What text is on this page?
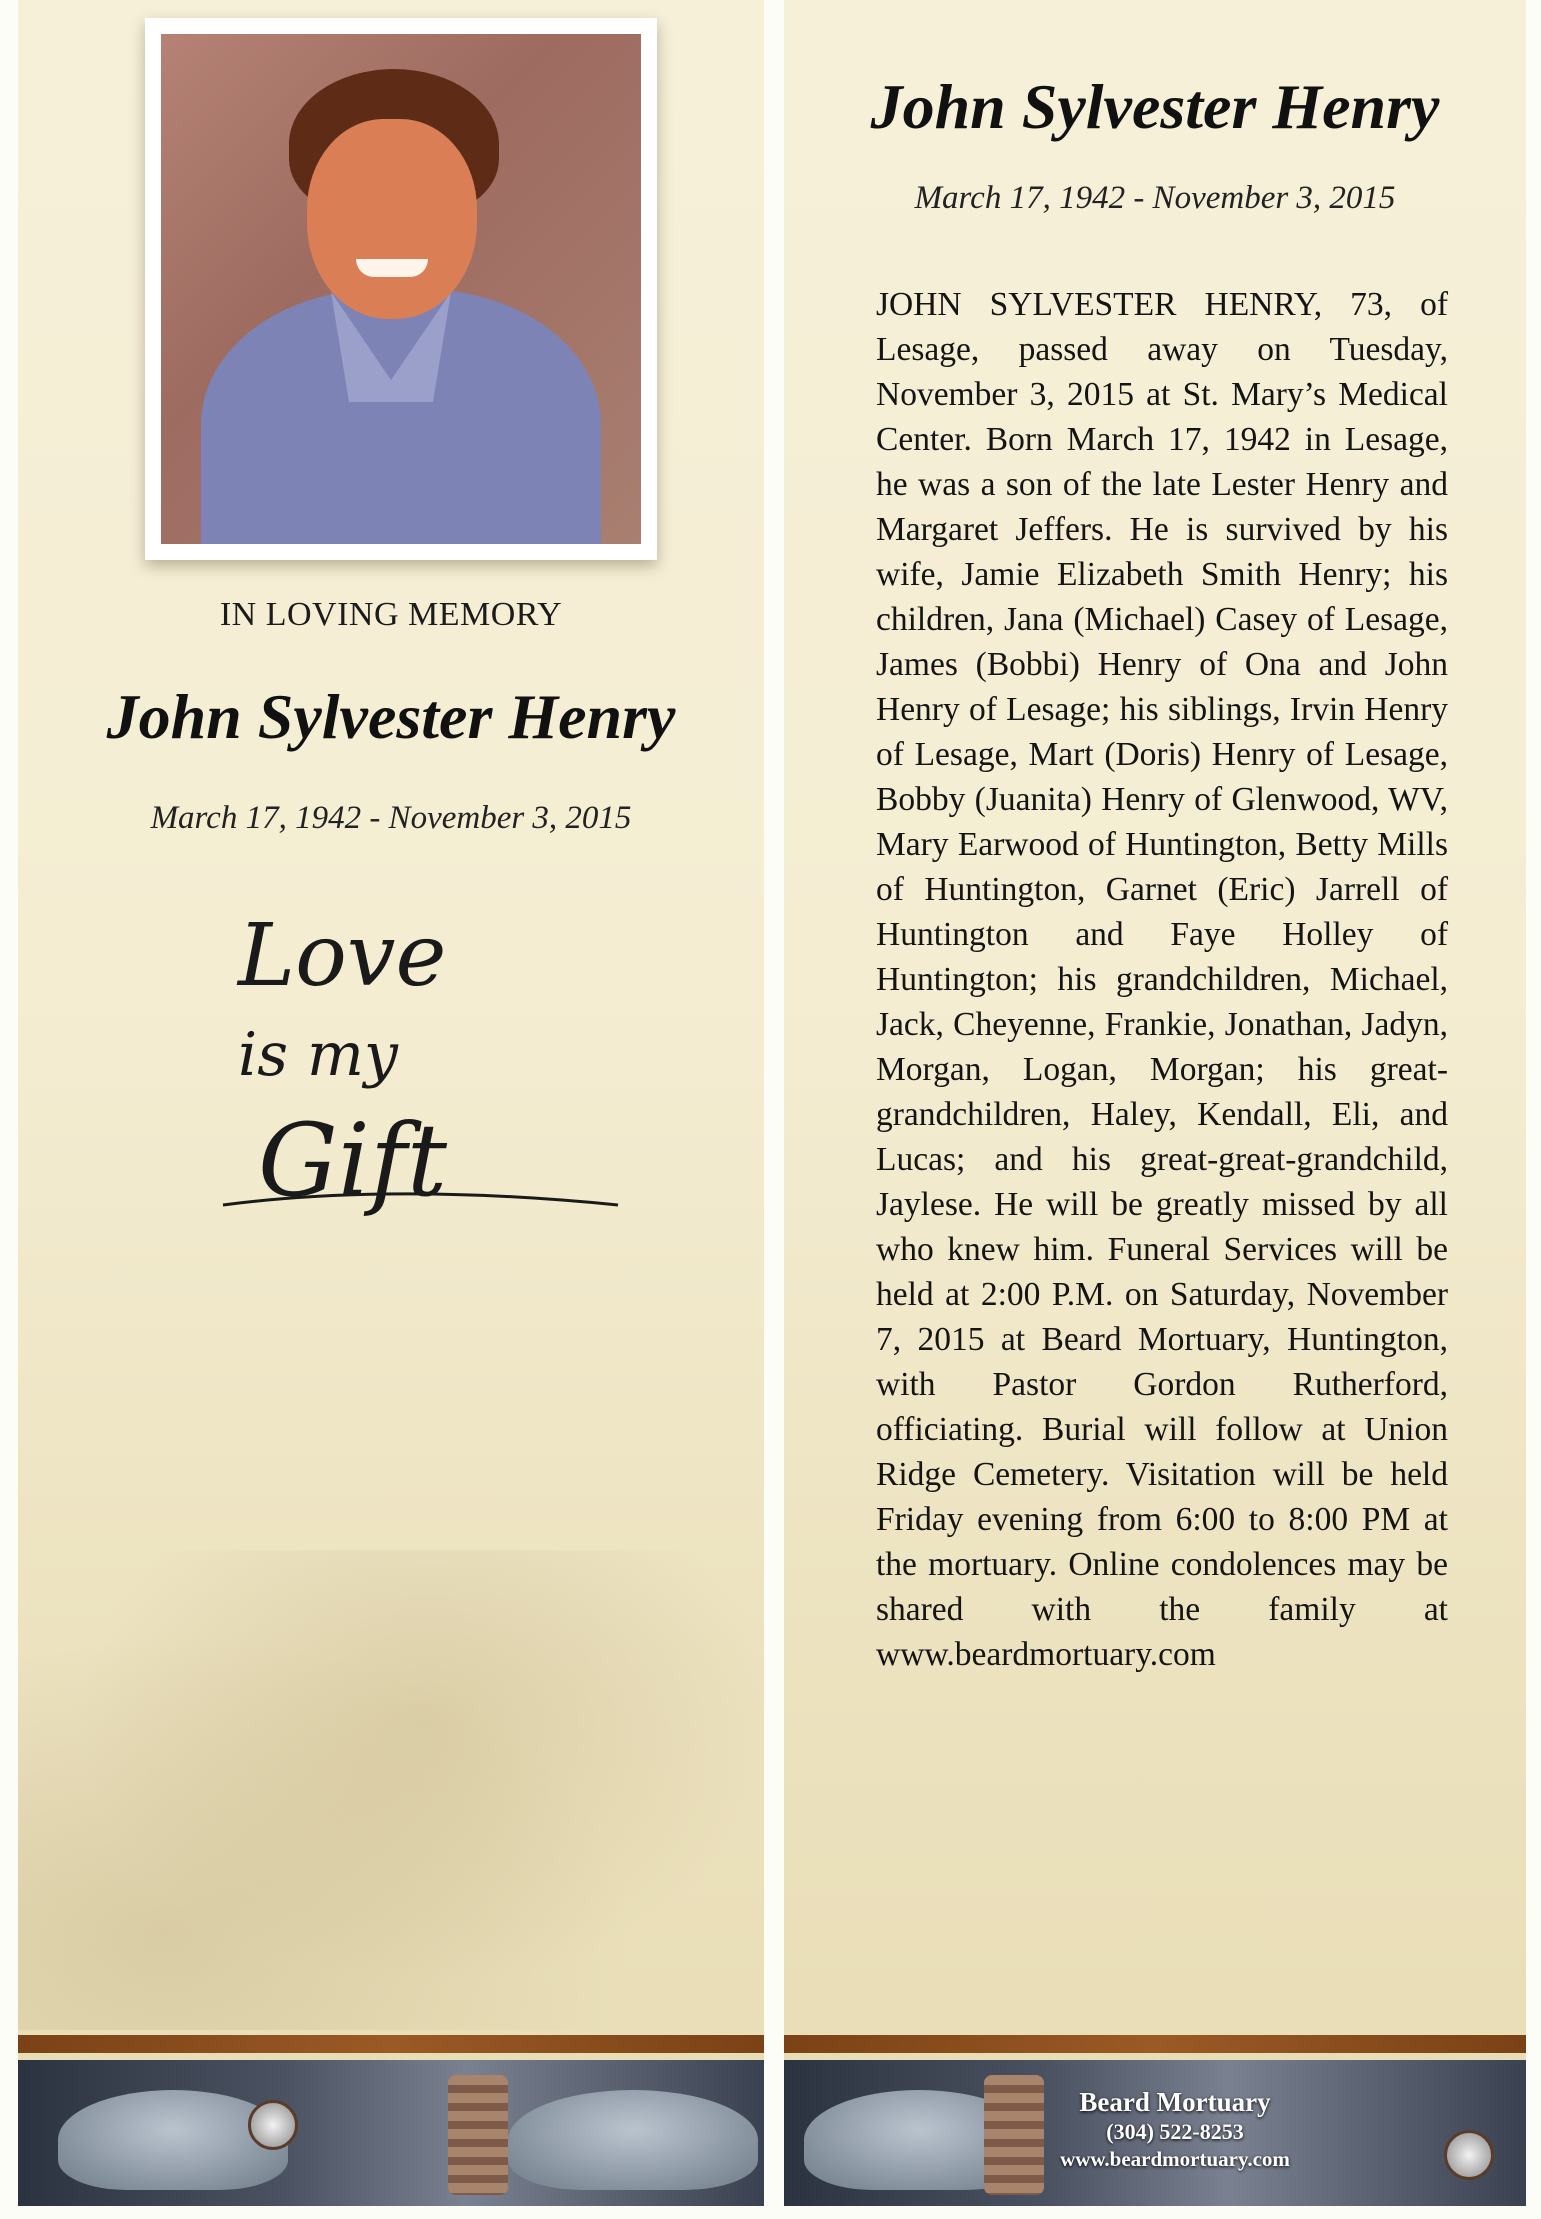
IN LOVING MEMORY
John Sylvester Henry
March 17, 1942 - November 3, 2015
Love
is my
Gift
John Sylvester Henry
March 17, 1942 - November 3, 2015

JOHN SYLVESTER HENRY, 73, of Lesage, passed away on Tuesday, November 3, 2015 at St. Mary’s Medical Center. Born March 17, 1942 in Lesage, he was a son of the late Lester Henry and Margaret Jeffers. He is survived by his wife, Jamie Elizabeth Smith Henry; his children, Jana (Michael) Casey of Lesage, James (Bobbi) Henry of Ona and John Henry of Lesage; his siblings, Irvin Henry of Lesage, Mart (Doris) Henry of Lesage, Bobby (Juanita) Henry of Glenwood, WV, Mary Earwood of Huntington, Betty Mills of Huntington, Garnet (Eric) Jarrell of Huntington and Faye Holley of Huntington; his grandchildren, Michael, Jack, Cheyenne, Frankie, Jonathan, Jadyn, Morgan, Logan, Morgan; his great-grandchildren, Haley, Kendall, Eli, and Lucas; and his great-great-grandchild, Jaylese. He will be greatly missed by all who knew him. Funeral Services will be held at 2:00 P.M. on Saturday, November 7, 2015 at Beard Mortuary, Huntington, with Pastor Gordon Rutherford, officiating. Burial will follow at Union Ridge Cemetery. Visitation will be held Friday evening from 6:00 to 8:00 PM at the mortuary. Online condolences may be shared with the family at www.beardmortuary.com

Beard Mortuary
(304) 522-8253
www.beardmortuary.com
